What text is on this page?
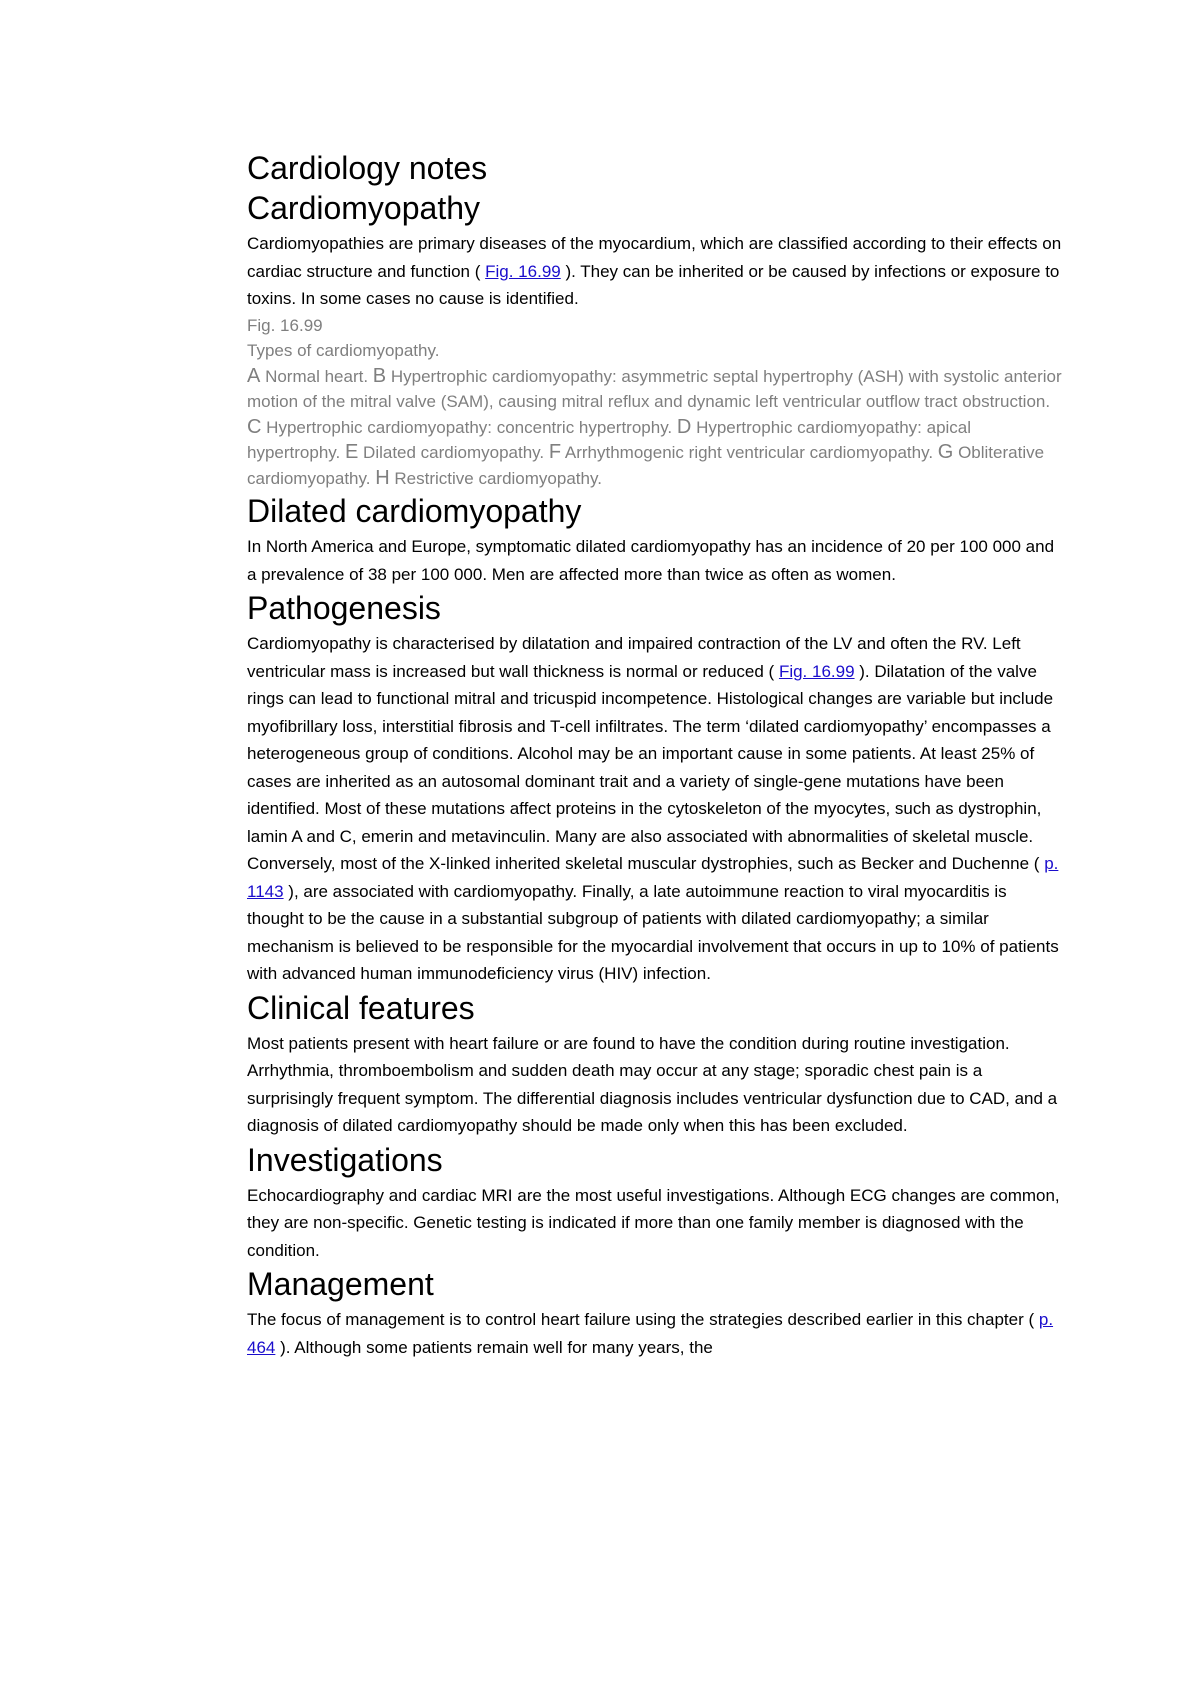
Cardiology notes
Cardiomyopathy

Cardiomyopathies are primary diseases of the myocardium, which are classified according to their effects on cardiac structure and function ( Fig. 16.99 ). They can be inherited or be caused by infections or exposure to toxins. In some cases no cause is identified.

Fig. 16.99
Types of cardiomyopathy.
A Normal heart. B Hypertrophic cardiomyopathy: asymmetric septal hypertrophy (ASH) with systolic anterior motion of the mitral valve (SAM), causing mitral reflux and dynamic left ventricular outflow tract obstruction. C Hypertrophic cardiomyopathy: concentric hypertrophy. D Hypertrophic cardiomyopathy: apical hypertrophy. E Dilated cardiomyopathy. F Arrhythmogenic right ventricular cardiomyopathy. G Obliterative cardiomyopathy. H Restrictive cardiomyopathy.
Dilated cardiomyopathy

In North America and Europe, symptomatic dilated cardiomyopathy has an incidence of 20 per 100 000 and a prevalence of 38 per 100 000. Men are affected more than twice as often as women.

Pathogenesis

Cardiomyopathy is characterised by dilatation and impaired contraction of the LV and often the RV. Left ventricular mass is increased but wall thickness is normal or reduced ( Fig. 16.99 ). Dilatation of the valve rings can lead to functional mitral and tricuspid incompetence. Histological changes are variable but include myofibrillary loss, interstitial fibrosis and T-cell infiltrates. The term ‘dilated cardiomyopathy’ encompasses a heterogeneous group of conditions. Alcohol may be an important cause in some patients. At least 25% of cases are inherited as an autosomal dominant trait and a variety of single-gene mutations have been identified. Most of these mutations affect proteins in the cytoskeleton of the myocytes, such as dystrophin, lamin A and C, emerin and metavinculin. Many are also associated with abnormalities of skeletal muscle. Conversely, most of the X-linked inherited skeletal muscular dystrophies, such as Becker and Duchenne ( p. 1143 ), are associated with cardiomyopathy. Finally, a late autoimmune reaction to viral myocarditis is thought to be the cause in a substantial subgroup of patients with dilated cardiomyopathy; a similar mechanism is believed to be responsible for the myocardial involvement that occurs in up to 10% of patients with advanced human immunodeficiency virus (HIV) infection.

Clinical features

Most patients present with heart failure or are found to have the condition during routine investigation. Arrhythmia, thromboembolism and sudden death may occur at any stage; sporadic chest pain is a surprisingly frequent symptom. The differential diagnosis includes ventricular dysfunction due to CAD, and a diagnosis of dilated cardiomyopathy should be made only when this has been excluded.

Investigations

Echocardiography and cardiac MRI are the most useful investigations. Although ECG changes are common, they are non-specific. Genetic testing is indicated if more than one family member is diagnosed with the condition.

Management

The focus of management is to control heart failure using the strategies described earlier in this chapter ( p. 464 ). Although some patients remain well for many years, the
